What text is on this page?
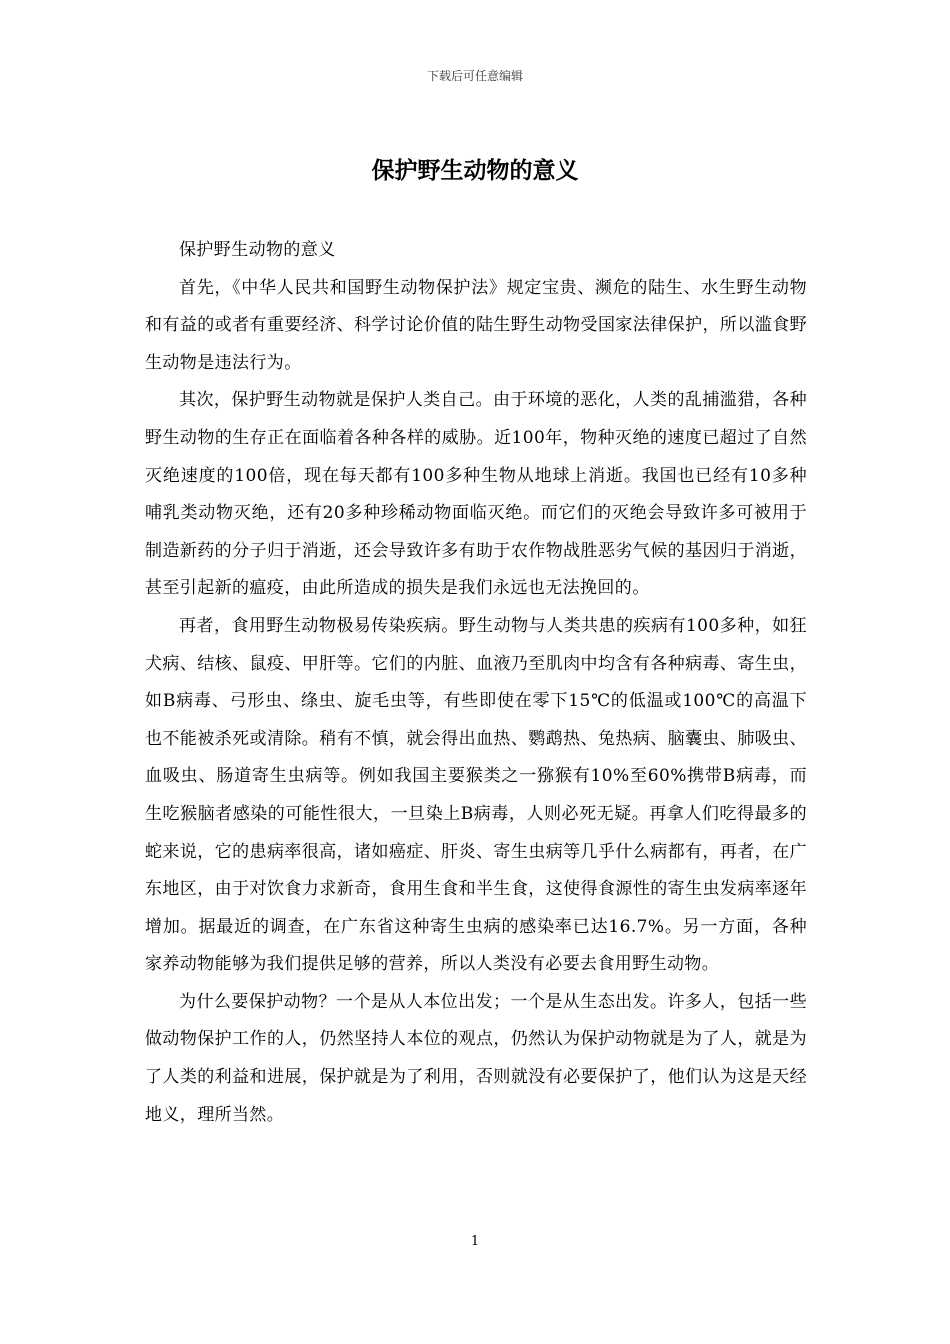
下载后可任意编辑
保护野生动物的意义

保护野生动物的意义

首先，《中华人民共和国野生动物保护法》规定宝贵、濒危的陆生、水生野生动物和有益的或者有重要经济、科学讨论价值的陆生野生动物受国家法律保护，所以滥食野生动物是违法行为。

其次，保护野生动物就是保护人类自己。由于环境的恶化，人类的乱捕滥猎，各种野生动物的生存正在面临着各种各样的威胁。近100年，物种灭绝的速度已超过了自然灭绝速度的100倍，现在每天都有100多种生物从地球上消逝。我国也已经有10多种哺乳类动物灭绝，还有20多种珍稀动物面临灭绝。而它们的灭绝会导致许多可被用于制造新药的分子归于消逝，还会导致许多有助于农作物战胜恶劣气候的基因归于消逝，甚至引起新的瘟疫，由此所造成的损失是我们永远也无法挽回的。

再者，食用野生动物极易传染疾病。野生动物与人类共患的疾病有100多种，如狂犬病、结核、鼠疫、甲肝等。它们的内脏、血液乃至肌肉中均含有各种病毒、寄生虫，如B病毒、弓形虫、绦虫、旋毛虫等，有些即使在零下15℃的低温或100℃的高温下也不能被杀死或清除。稍有不慎，就会得出血热、鹦鹉热、兔热病、脑囊虫、肺吸虫、血吸虫、肠道寄生虫病等。例如我国主要猴类之一猕猴有10%至60%携带B病毒，而生吃猴脑者感染的可能性很大，一旦染上B病毒，人则必死无疑。再拿人们吃得最多的蛇来说，它的患病率很高，诸如癌症、肝炎、寄生虫病等几乎什么病都有，再者，在广东地区，由于对饮食力求新奇，食用生食和半生食，这使得食源性的寄生虫发病率逐年增加。据最近的调查，在广东省这种寄生虫病的感染率已达16.7%。另一方面，各种家养动物能够为我们提供足够的营养，所以人类没有必要去食用野生动物。

为什么要保护动物？一个是从人本位出发；一个是从生态出发。许多人，包括一些做动物保护工作的人，仍然坚持人本位的观点，仍然认为保护动物就是为了人，就是为了人类的利益和进展，保护就是为了利用，否则就没有必要保护了，他们认为这是天经地义，理所当然。

1
